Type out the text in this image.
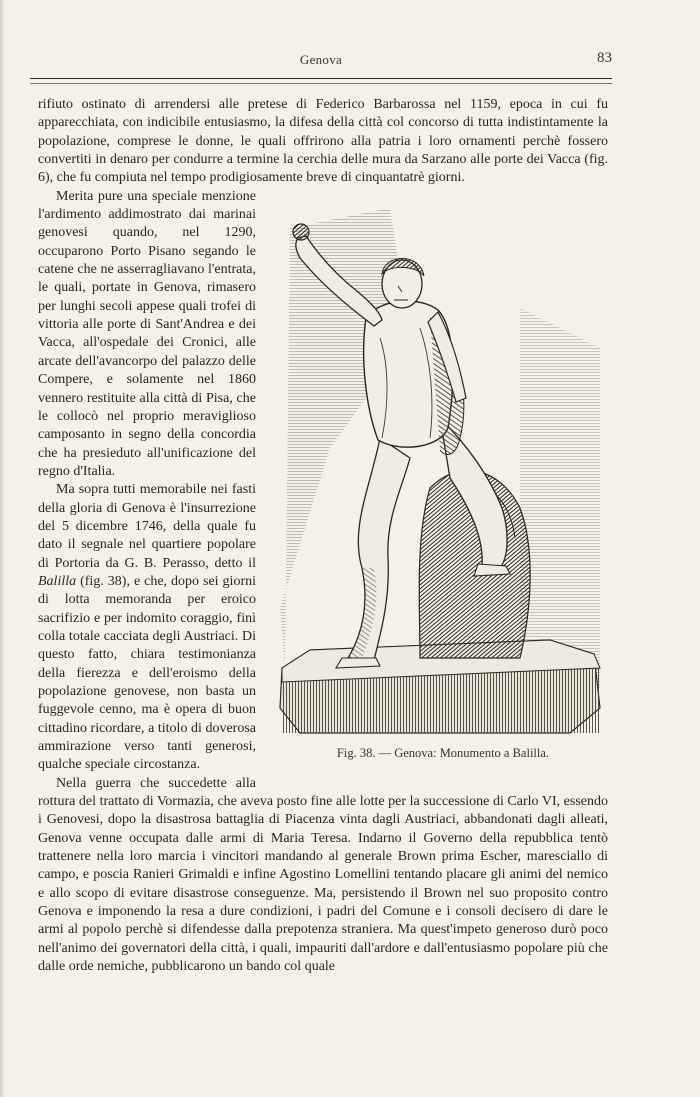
Genova	83

rifiuto ostinato di arrendersi alle pretese di Federico Barbarossa nel 1159, epoca in cui fu apparecchiata, con indicibile entusiasmo, la difesa della città col concorso di tutta indistintamente la popolazione, comprese le donne, le quali offrirono alla patria i loro ornamenti perchè fossero convertiti in denaro per condurre a termine la cerchia delle mura da Sarzano alle porte dei Vacca (fig. 6), che fu compiuta nel tempo prodigiosamente breve di cinquantatrè giorni.

Fig. 38. — Genova: Monumento a Balilla.

Merita pure una speciale menzione l'ardimento addimostrato dai marinai genovesi quando, nel 1290, occuparono Porto Pisano segando le catene che ne asserragliavano l'entrata, le quali, portate in Genova, rimasero per lunghi secoli appese quali trofei di vittoria alle porte di Sant'Andrea e dei Vacca, all'ospedale dei Cronici, alle arcate dell'avancorpo del palazzo delle Compere, e solamente nel 1860 vennero restituite alla città di Pisa, che le collocò nel proprio meraviglioso camposanto in segno della concordia che ha presieduto all'unificazione del regno d'Italia.

Ma sopra tutti memorabile nei fasti della gloria di Genova è l'insurrezione del 5 dicembre 1746, della quale fu dato il segnale nel quartiere popolare di Portoria da G. B. Perasso, detto il Balilla (fig. 38), e che, dopo sei giorni di lotta memoranda per eroico sacrifizio e per indomito coraggio, finì colla totale cacciata degli Austriaci. Di questo fatto, chiara testimonianza della fierezza e dell'eroismo della popolazione genovese, non basta un fuggevole cenno, ma è opera di buon cittadino ricordare, a titolo di doverosa ammirazione verso tanti generosi, qualche speciale circostanza.

Nella guerra che succedette alla rottura del trattato di Vormazia, che aveva posto fine alle lotte per la successione di Carlo VI, essendo i Genovesi, dopo la disastrosa battaglia di Piacenza vinta dagli Austriaci, abbandonati dagli alleati, Genova venne occupata dalle armi di Maria Teresa. Indarno il Governo della repubblica tentò trattenere nella loro marcia i vincitori mandando al generale Brown prima Escher, maresciallo di campo, e poscia Ranieri Grimaldi e infine Agostino Lomellini tentando placare gli animi del nemico e allo scopo di evitare disastrose conseguenze. Ma, persistendo il Brown nel suo proposito contro Genova e imponendo la resa a dure condizioni, i padri del Comune e i consoli decisero di dare le armi al popolo perchè si difendesse dalla prepotenza straniera. Ma quest'impeto generoso durò poco nell'animo dei governatori della città, i quali, impauriti dall'ardore e dall'entusiasmo popolare più che dalle orde nemiche, pubblicarono un bando col quale
